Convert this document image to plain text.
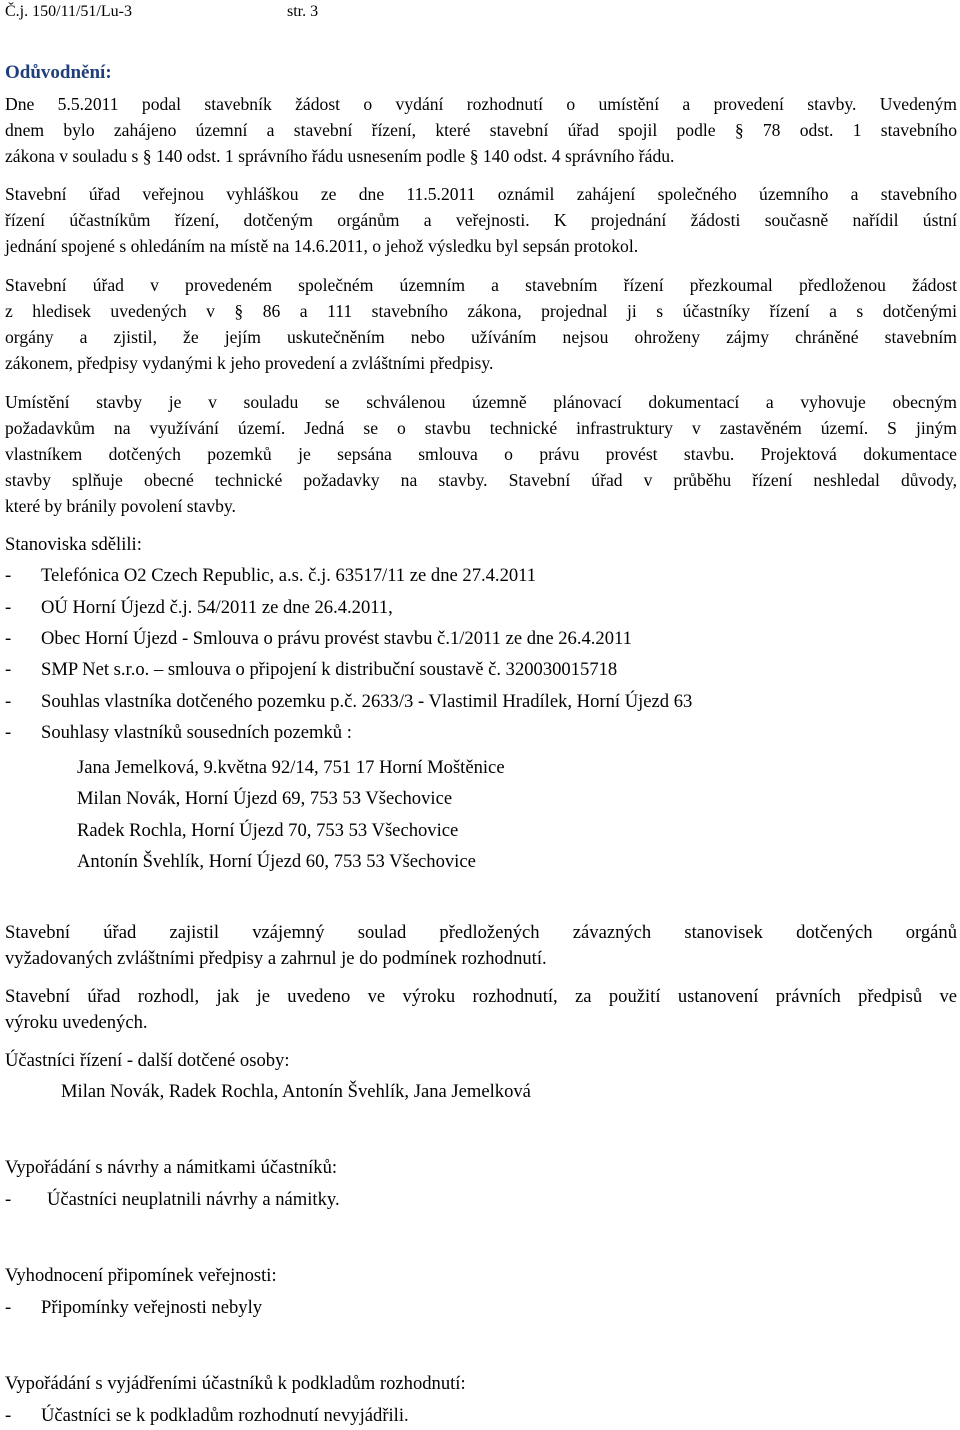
Č.j. 150/11/51/Lu-3	str. 3
Odůvodnění:
Dne 5.5.2011 podal stavebník žádost o vydání rozhodnutí o umístění a provedení stavby. Uvedeným
dnem bylo zahájeno územní a stavební řízení, které stavební úřad spojil podle § 78 odst. 1 stavebního
zákona v souladu s § 140 odst. 1 správního řádu usnesením podle § 140 odst. 4 správního řádu.
Stavební úřad veřejnou vyhláškou ze dne 11.5.2011 oznámil zahájení společného územního a stavebního
řízení účastníkům řízení, dotčeným orgánům a veřejnosti. K projednání žádosti současně nařídil ústní
jednání spojené s ohledáním na místě na 14.6.2011, o jehož výsledku byl sepsán protokol.
Stavební úřad v provedeném společném územním a stavebním řízení přezkoumal předloženou žádost
z hledisek uvedených v § 86 a 111 stavebního zákona, projednal ji s účastníky řízení a s dotčenými
orgány a zjistil, že jejím uskutečněním nebo užíváním nejsou ohroženy zájmy chráněné stavebním
zákonem, předpisy vydanými k jeho provedení a zvláštními předpisy.
Umístění stavby je v souladu se schválenou územně plánovací dokumentací a vyhovuje obecným
požadavkům na využívání území. Jedná se o stavbu technické infrastruktury v zastavěném území. S jiným
vlastníkem dotčených pozemků je sepsána smlouva o právu provést stavbu. Projektová dokumentace
stavby splňuje obecné technické požadavky na stavby. Stavební úřad v průběhu řízení neshledal důvody,
které by bránily povolení stavby.
Stanoviska sdělili:
- Telefónica O2 Czech Republic, a.s. č.j. 63517/11 ze dne 27.4.2011
- OÚ Horní Újezd č.j. 54/2011 ze dne 26.4.2011,
- Obec Horní Újezd - Smlouva o právu provést stavbu č.1/2011 ze dne 26.4.2011
- SMP Net s.r.o. – smlouva o připojení k distribuční soustavě č. 320030015718
- Souhlas vlastníka dotčeného pozemku p.č. 2633/3 - Vlastimil Hradílek, Horní Újezd 63
- Souhlasy vlastníků sousedních pozemků :
Jana Jemelková, 9.května 92/14, 751 17 Horní Moštěnice
Milan Novák, Horní Újezd 69, 753 53 Všechovice
Radek Rochla, Horní Újezd 70, 753 53 Všechovice
Antonín Švehlík, Horní Újezd 60, 753 53 Všechovice
Stavební úřad zajistil vzájemný soulad předložených závazných stanovisek dotčených orgánů
vyžadovaných zvláštními předpisy a zahrnul je do podmínek rozhodnutí.
Stavební úřad rozhodl, jak je uvedeno ve výroku rozhodnutí, za použití ustanovení právních předpisů ve
výroku uvedených.
Účastníci řízení - další dotčené osoby:
Milan Novák, Radek Rochla, Antonín Švehlík, Jana Jemelková
Vypořádání s návrhy a námitkami účastníků:
- Účastníci neuplatnili návrhy a námitky.
Vyhodnocení připomínek veřejnosti:
- Připomínky veřejnosti nebyly
Vypořádání s vyjádřeními účastníků k podkladům rozhodnutí:
- Účastníci se k podkladům rozhodnutí nevyjádřili.
